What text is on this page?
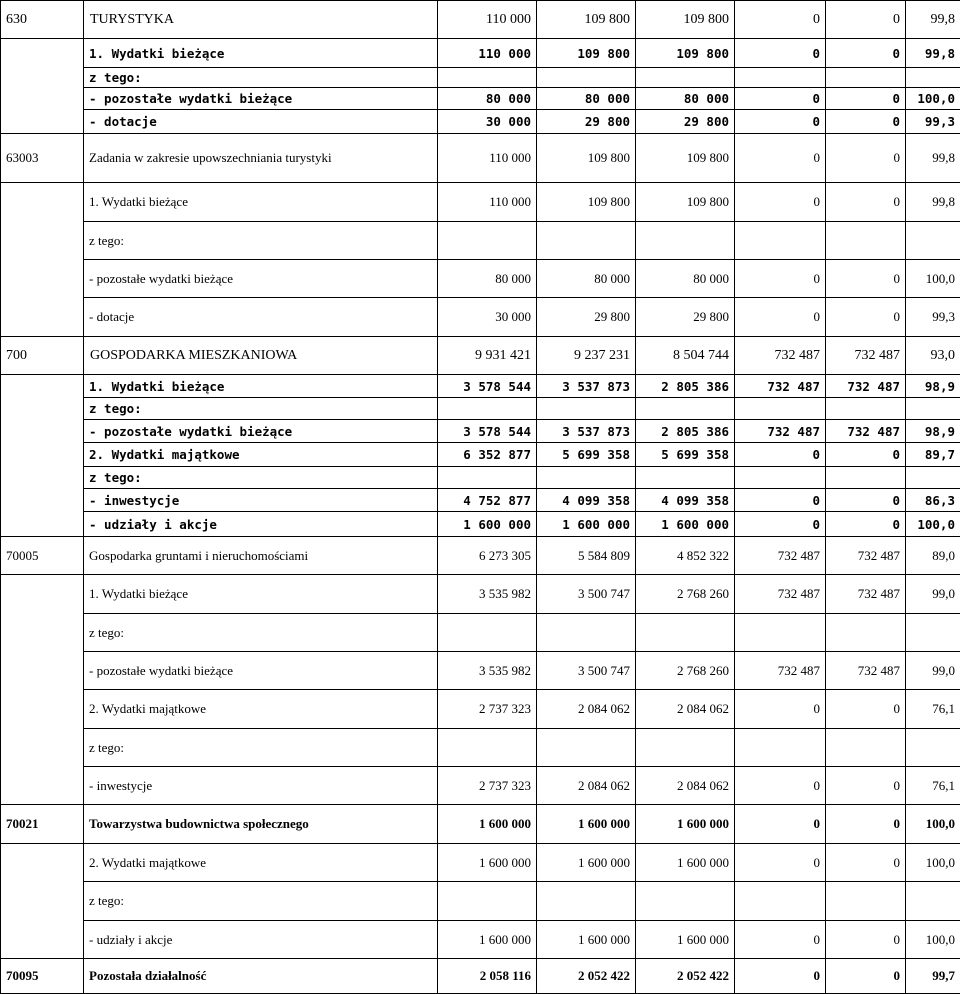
630	TURYSTYKA	110 000	109 800	109 800	0	0	99,8
	1. Wydatki bieżące	110 000	109 800	109 800	0	0	99,8
	z tego:						
	- pozostałe wydatki bieżące	80 000	80 000	80 000	0	0	100,0
	- dotacje	30 000	29 800	29 800	0	0	99,3
63003	Zadania w zakresie upowszechniania turystyki	110 000	109 800	109 800	0	0	99,8
	1. Wydatki bieżące	110 000	109 800	109 800	0	0	99,8
	z tego:						
	- pozostałe wydatki bieżące	80 000	80 000	80 000	0	0	100,0
	- dotacje	30 000	29 800	29 800	0	0	99,3
700	GOSPODARKA MIESZKANIOWA	9 931 421	9 237 231	8 504 744	732 487	732 487	93,0
	1. Wydatki bieżące	3 578 544	3 537 873	2 805 386	732 487	732 487	98,9
	z tego:						
	- pozostałe wydatki bieżące	3 578 544	3 537 873	2 805 386	732 487	732 487	98,9
	2. Wydatki majątkowe	6 352 877	5 699 358	5 699 358	0	0	89,7
	z tego:						
	- inwestycje	4 752 877	4 099 358	4 099 358	0	0	86,3
	- udziały i akcje	1 600 000	1 600 000	1 600 000	0	0	100,0
70005	Gospodarka gruntami i nieruchomościami	6 273 305	5 584 809	4 852 322	732 487	732 487	89,0
	1. Wydatki bieżące	3 535 982	3 500 747	2 768 260	732 487	732 487	99,0
	z tego:						
	- pozostałe wydatki bieżące	3 535 982	3 500 747	2 768 260	732 487	732 487	99,0
	2. Wydatki majątkowe	2 737 323	2 084 062	2 084 062	0	0	76,1
	z tego:						
	- inwestycje	2 737 323	2 084 062	2 084 062	0	0	76,1
70021	Towarzystwa budownictwa społecznego	1 600 000	1 600 000	1 600 000	0	0	100,0
	2. Wydatki majątkowe	1 600 000	1 600 000	1 600 000	0	0	100,0
	z tego:						
	- udziały i akcje	1 600 000	1 600 000	1 600 000	0	0	100,0
70095	Pozostała działalność	2 058 116	2 052 422	2 052 422	0	0	99,7
